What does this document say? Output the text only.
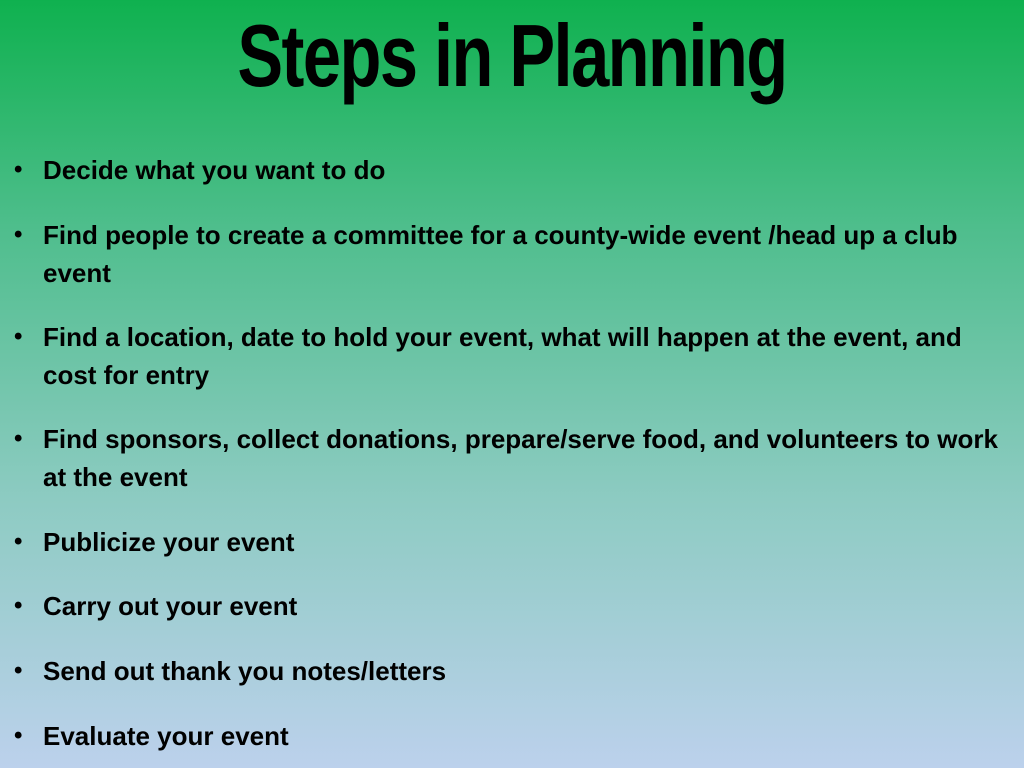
Steps in Planning
• Decide what you want to do
• Find people to create a committee for a county-wide event /head up a club event
• Find a location, date to hold your event, what will happen at the event, and cost for entry
• Find sponsors, collect donations, prepare/serve food, and volunteers to work at the event
• Publicize your event
• Carry out your event
• Send out thank you notes/letters
• Evaluate your event
